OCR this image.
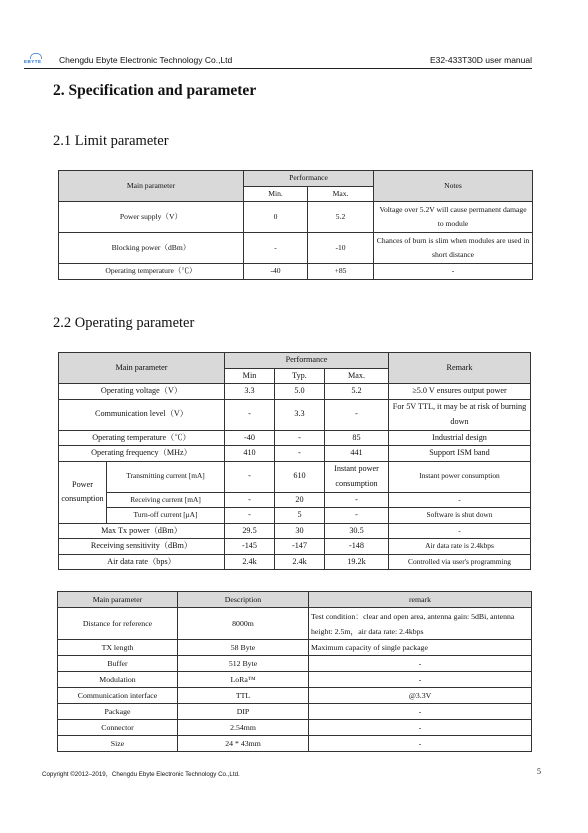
EBYTE Chengdu Ebyte Electronic Technology Co.,Ltd	E32-433T30D user manual
2. Specification and parameter
2.1 Limit parameter
Main parameter	Performance		Notes
	Min.	Max.	
Power supply（V）	0	5.2	Voltage over 5.2V will cause permanent damage to module
Blocking power（dBm）	-	-10	Chances of burn is slim when modules are used in short distance
Operating temperature（℃）	-40	+85	-
2.2 Operating parameter
Main parameter		Performance			Remark
		Min	Typ.	Max.	
Operating voltage（V）		3.3	5.0	5.2	≥5.0 V ensures output power
Communication level（V）		-	3.3	-	For 5V TTL, it may be at risk of burning down
Operating temperature（℃）		-40	-	85	Industrial design
Operating frequency（MHz）		410	-	441	Support ISM band
Power consumption	Transmitting current [mA]	-	610	Instant power consumption	Instant power consumption
	Receiving current [mA]	-	20	-	-
	Turn-off current [μA]	-	5	-	Software is shut down
Max Tx power（dBm）		29.5	30	30.5	-
Receiving sensitivity（dBm）		-145	-147	-148	Air data rate is 2.4kbps
Air data rate（bps）		2.4k	2.4k	19.2k	Controlled via user's programming
Main parameter	Description	remark
Distance for reference	8000m	Test condition：clear and open area, antenna gain: 5dBi, antenna height: 2.5m，air data rate: 2.4kbps
TX length	58 Byte	Maximum capacity of single package
Buffer	512 Byte	-
Modulation	LoRa™	-
Communication interface	TTL	@3.3V
Package	DIP	-
Connector	2.54mm	-
Size	24 * 43mm	-
Copyright ©2012–2019，Chengdu Ebyte Electronic Technology Co.,Ltd.	5
